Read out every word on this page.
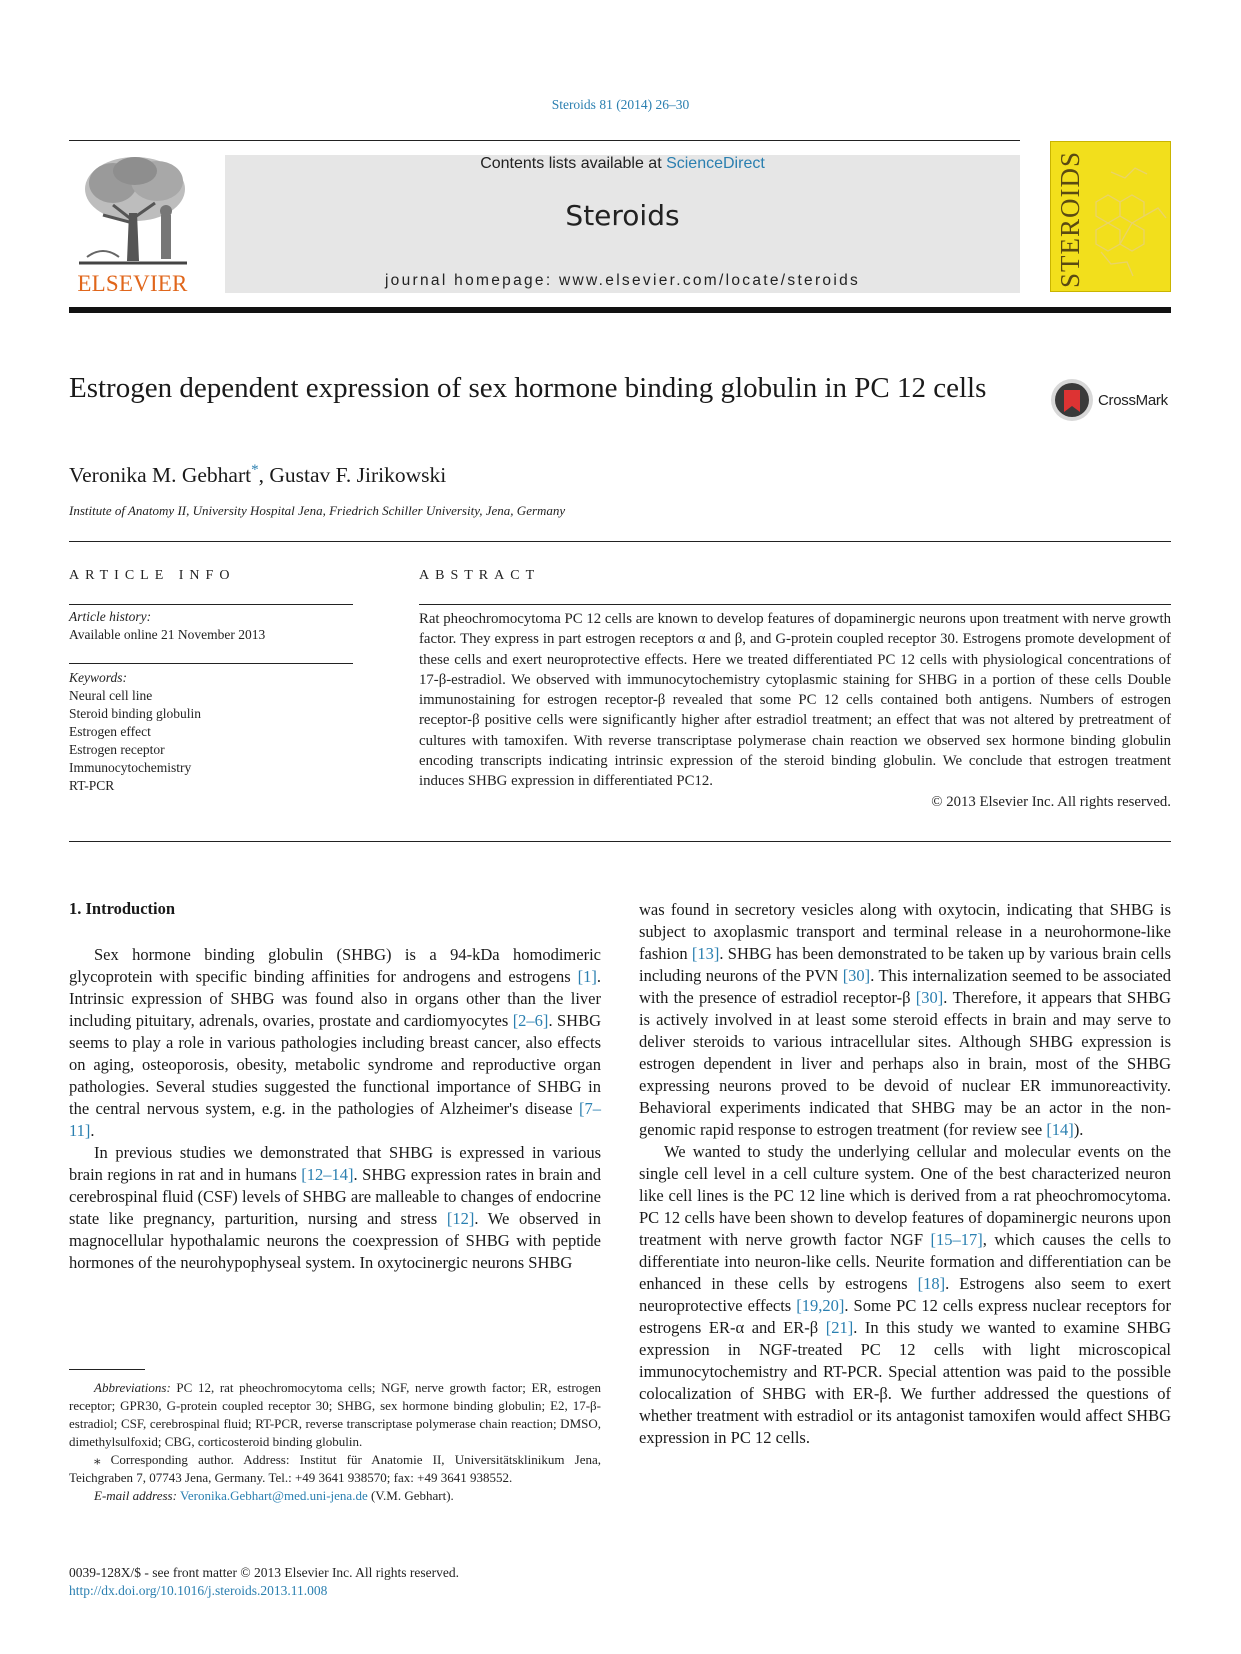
Steroids 81 (2014) 26–30
ELSEVIER
Contents lists available at ScienceDirect
Steroids
journal homepage: www.elsevier.com/locate/steroids	STEROIDS
Estrogen dependent expression of sex hormone binding globulin in PC 12 cells	CrossMark
Veronika M. Gebhart*, Gustav F. Jirikowski
Institute of Anatomy II, University Hospital Jena, Friedrich Schiller University, Jena, Germany
ARTICLE INFO
Article history:
Available online 21 November 2013
Keywords:
Neural cell line
Steroid binding globulin
Estrogen effect
Estrogen receptor
Immunocytochemistry
RT-PCR
ABSTRACT
Rat pheochromocytoma PC 12 cells are known to develop features of dopaminergic neurons upon treatment with nerve growth factor. They express in part estrogen receptors α and β, and G-protein coupled receptor 30. Estrogens promote development of these cells and exert neuroprotective effects. Here we treated differentiated PC 12 cells with physiological concentrations of 17-β-estradiol. We observed with immunocytochemistry cytoplasmic staining for SHBG in a portion of these cells Double immunostaining for estrogen receptor-β revealed that some PC 12 cells contained both antigens. Numbers of estrogen receptor-β positive cells were significantly higher after estradiol treatment; an effect that was not altered by pretreatment of cultures with tamoxifen. With reverse transcriptase polymerase chain reaction we observed sex hormone binding globulin encoding transcripts indicating intrinsic expression of the steroid binding globulin. We conclude that estrogen treatment induces SHBG expression in differentiated PC12.
© 2013 Elsevier Inc. All rights reserved.
1. Introduction

Sex hormone binding globulin (SHBG) is a 94-kDa homodimeric glycoprotein with specific binding affinities for androgens and estrogens [1]. Intrinsic expression of SHBG was found also in organs other than the liver including pituitary, adrenals, ovaries, prostate and cardiomyocytes [2–6]. SHBG seems to play a role in various pathologies including breast cancer, also effects on aging, osteoporosis, obesity, metabolic syndrome and reproductive organ pathologies. Several studies suggested the functional importance of SHBG in the central nervous system, e.g. in the pathologies of Alzheimer's disease [7–11].

In previous studies we demonstrated that SHBG is expressed in various brain regions in rat and in humans [12–14]. SHBG expression rates in brain and cerebrospinal fluid (CSF) levels of SHBG are malleable to changes of endocrine state like pregnancy, parturition, nursing and stress [12]. We observed in magnocellular hypothalamic neurons the coexpression of SHBG with peptide hormones of the neurohypophyseal system. In oxytocinergic neurons SHBG

was found in secretory vesicles along with oxytocin, indicating that SHBG is subject to axoplasmic transport and terminal release in a neurohormone-like fashion [13]. SHBG has been demonstrated to be taken up by various brain cells including neurons of the PVN [30]. This internalization seemed to be associated with the presence of estradiol receptor-β [30]. Therefore, it appears that SHBG is actively involved in at least some steroid effects in brain and may serve to deliver steroids to various intracellular sites. Although SHBG expression is estrogen dependent in liver and perhaps also in brain, most of the SHBG expressing neurons proved to be devoid of nuclear ER immunoreactivity. Behavioral experiments indicated that SHBG may be an actor in the non-genomic rapid response to estrogen treatment (for review see [14]).

We wanted to study the underlying cellular and molecular events on the single cell level in a cell culture system. One of the best characterized neuron like cell lines is the PC 12 line which is derived from a rat pheochromocytoma. PC 12 cells have been shown to develop features of dopaminergic neurons upon treatment with nerve growth factor NGF [15–17], which causes the cells to differentiate into neuron-like cells. Neurite formation and differentiation can be enhanced in these cells by estrogens [18]. Estrogens also seem to exert neuroprotective effects [19,20]. Some PC 12 cells express nuclear receptors for estrogens ER-α and ER-β [21]. In this study we wanted to examine SHBG expression in NGF-treated PC 12 cells with light microscopical immunocytochemistry and RT-PCR. Special attention was paid to the possible colocalization of SHBG with ER-β. We further addressed the questions of whether treatment with estradiol or its antagonist tamoxifen would affect SHBG expression in PC 12 cells.

Abbreviations: PC 12, rat pheochromocytoma cells; NGF, nerve growth factor; ER, estrogen receptor; GPR30, G-protein coupled receptor 30; SHBG, sex hormone binding globulin; E2, 17-β-estradiol; CSF, cerebrospinal fluid; RT-PCR, reverse transcriptase polymerase chain reaction; DMSO, dimethylsulfoxid; CBG, corticosteroid binding globulin.

⁎ Corresponding author. Address: Institut für Anatomie II, Universitätsklinikum Jena, Teichgraben 7, 07743 Jena, Germany. Tel.: +49 3641 938570; fax: +49 3641 938552.

E-mail address: Veronika.Gebhart@med.uni-jena.de (V.M. Gebhart).

0039-128X/$ - see front matter © 2013 Elsevier Inc. All rights reserved.
http://dx.doi.org/10.1016/j.steroids.2013.11.008
